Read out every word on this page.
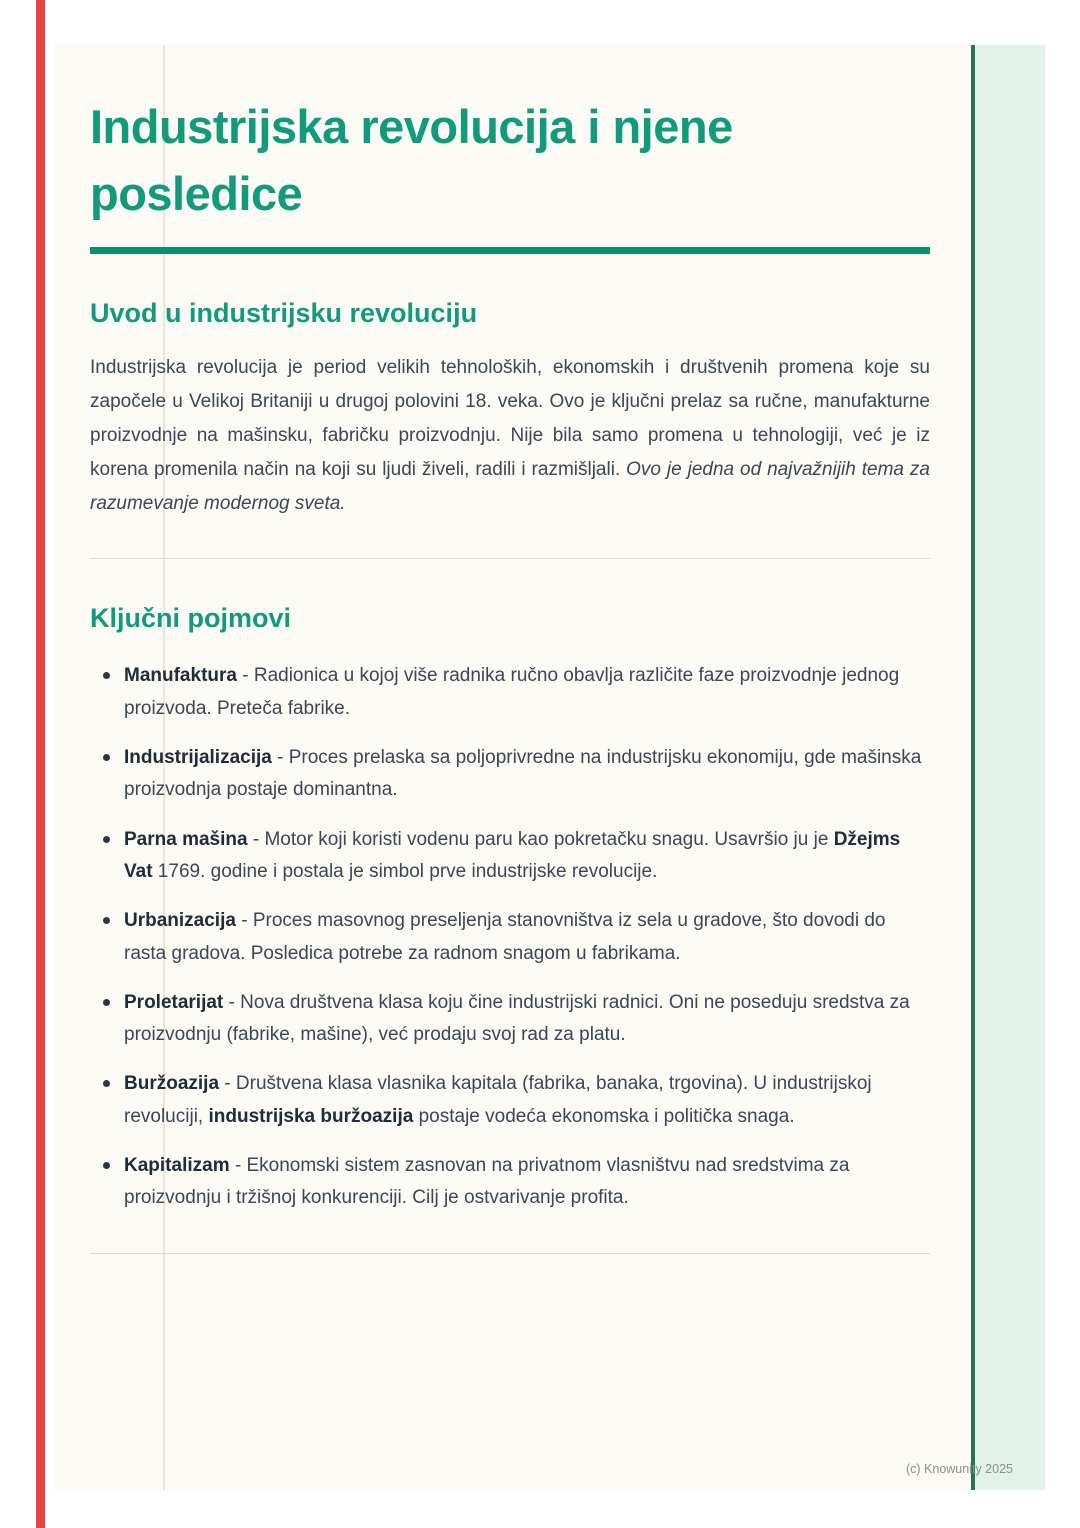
Industrijska revolucija i njene posledice
Uvod u industrijsku revoluciju

Industrijska revolucija je period velikih tehnoloških, ekonomskih i društvenih promena koje su započele u Velikoj Britaniji u drugoj polovini 18. veka. Ovo je ključni prelaz sa ručne, manufakturne proizvodnje na mašinsku, fabričku proizvodnju. Nije bila samo promena u tehnologiji, već je iz korena promenila način na koji su ljudi živeli, radili i razmišljali. Ovo je jedna od najvažnijih tema za razumevanje modernog sveta.

Ključni pojmovi
Manufaktura - Radionica u kojoj više radnika ručno obavlja različite faze proizvodnje jednog proizvoda. Preteča fabrike.
Industrijalizacija - Proces prelaska sa poljoprivredne na industrijsku ekonomiju, gde mašinska proizvodnja postaje dominantna.
Parna mašina - Motor koji koristi vodenu paru kao pokretačku snagu. Usavršio ju je Džejms Vat 1769. godine i postala je simbol prve industrijske revolucije.
Urbanizacija - Proces masovnog preseljenja stanovništva iz sela u gradove, što dovodi do rasta gradova. Posledica potrebe za radnom snagom u fabrikama.
Proletarijat - Nova društvena klasa koju čine industrijski radnici. Oni ne poseduju sredstva za proizvodnju (fabrike, mašine), već prodaju svoj rad za platu.
Buržoazija - Društvena klasa vlasnika kapitala (fabrika, banaka, trgovina). U industrijskoj revoluciji, industrijska buržoazija postaje vodeća ekonomska i politička snaga.
Kapitalizam - Ekonomski sistem zasnovan na privatnom vlasništvu nad sredstvima za proizvodnju i tržišnoj konkurenciji. Cilj je ostvarivanje profita.
(c) Knowunity 2025
